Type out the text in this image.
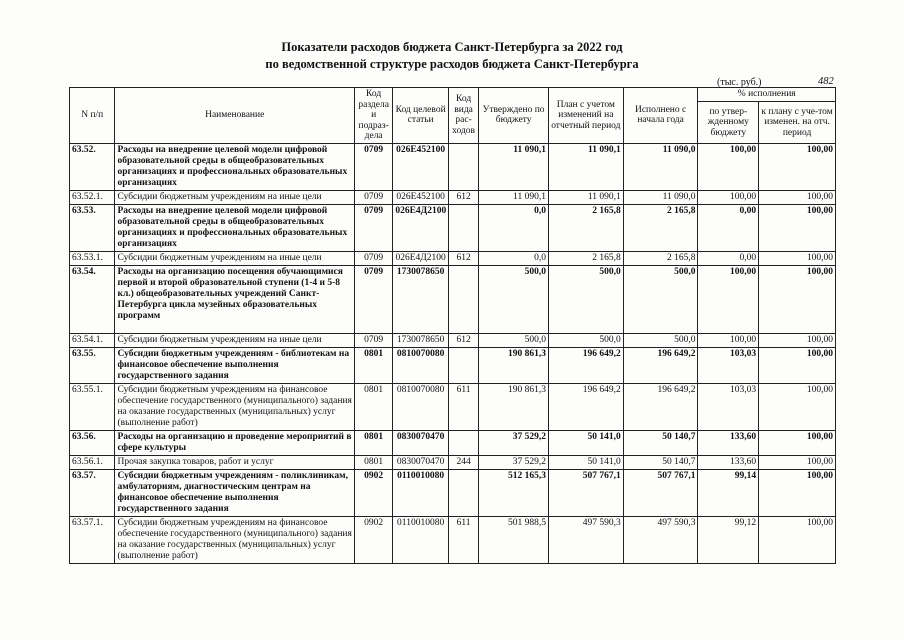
Показатели расходов бюджета Санкт-Петербурга за 2022 год
по ведомственной структуре расходов бюджета Санкт-Петербурга
(тыс. руб.)	482
N п/п	Наименование	Код раздела и подраз-дела	Код целевой статьи	Код вида рас-ходов	Утверждено по бюджету	План с учетом изменений на отчетный период	Исполнено с начала года	% исполнения	
								по утвер-жденному бюджету	к плану с уче-том изменен. на отч. период
63.52.	Расходы на внедрение целевой модели цифровой образовательной среды в общеобразовательных организациях и профессиональных образовательных организациях	0709	026E452100		11 090,1	11 090,1	11 090,0	100,00	100,00
63.52.1.	Субсидии бюджетным учреждениям на иные цели	0709	026E452100	612	11 090,1	11 090,1	11 090,0	100,00	100,00
63.53.	Расходы на внедрение целевой модели цифровой образовательной среды в общеобразовательных организациях и профессиональных образовательных организациях	0709	026E4Д2100		0,0	2 165,8	2 165,8	0,00	100,00
63.53.1.	Субсидии бюджетным учреждениям на иные цели	0709	026E4Д2100	612	0,0	2 165,8	2 165,8	0,00	100,00
63.54.	Расходы на организацию посещения обучающимися первой и второй образовательной ступени (1-4 и 5-8 кл.) общеобразовательных учреждений Санкт-Петербурга цикла музейных образовательных программ	0709	1730078650		500,0	500,0	500,0	100,00	100,00
63.54.1.	Субсидии бюджетным учреждениям на иные цели	0709	1730078650	612	500,0	500,0	500,0	100,00	100,00
63.55.	Субсидии бюджетным учреждениям - библиотекам на финансовое обеспечение выполнения государственного задания	0801	0810070080		190 861,3	196 649,2	196 649,2	103,03	100,00
63.55.1.	Субсидии бюджетным учреждениям на финансовое обеспечение государственного (муниципального) задания на оказание государственных (муниципальных) услуг (выполнение работ)	0801	0810070080	611	190 861,3	196 649,2	196 649,2	103,03	100,00
63.56.	Расходы на организацию и проведение мероприятий в сфере культуры	0801	0830070470		37 529,2	50 141,0	50 140,7	133,60	100,00
63.56.1.	Прочая закупка товаров, работ и услуг	0801	0830070470	244	37 529,2	50 141,0	50 140,7	133,60	100,00
63.57.	Субсидии бюджетным учреждениям - поликлиникам, амбулаториям, диагностическим центрам на финансовое обеспечение выполнения государственного задания	0902	0110010080		512 165,3	507 767,1	507 767,1	99,14	100,00
63.57.1.	Субсидии бюджетным учреждениям на финансовое обеспечение государственного (муниципального) задания на оказание государственных (муниципальных) услуг (выполнение работ)	0902	0110010080	611	501 988,5	497 590,3	497 590,3	99,12	100,00
